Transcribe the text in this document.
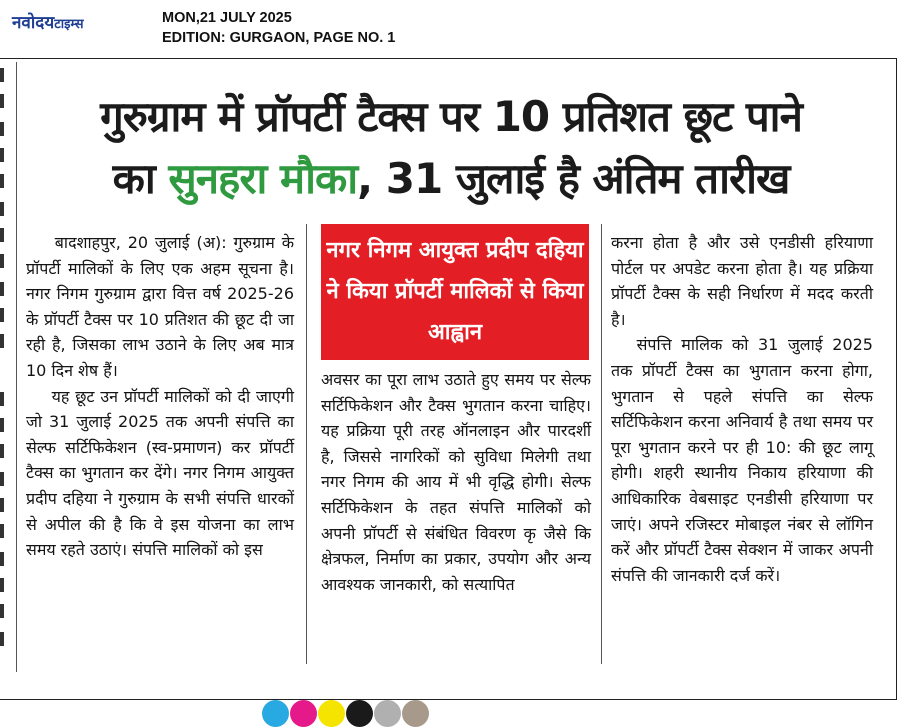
नवोदयटाइम्स	MON,21 JULY 2025
EDITION: GURGAON, PAGE NO. 1
गुरुग्राम में प्रॉपर्टी टैक्स पर 10 प्रतिशत छूट पाने
का सुनहरा मौका, 31 जुलाई है अंतिम तारीख

बादशाहपुर, 20 जुलाई (अ): गुरुग्राम के प्रॉपर्टी मालिकों के लिए एक अहम सूचना है। नगर निगम गुरुग्राम द्वारा वित्त वर्ष 2025-26 के प्रॉपर्टी टैक्स पर 10 प्रतिशत की छूट दी जा रही है, जिसका लाभ उठाने के लिए अब मात्र 10 दिन शेष हैं।

यह छूट उन प्रॉपर्टी मालिकों को दी जाएगी जो 31 जुलाई 2025 तक अपनी संपत्ति का सेल्फ सर्टिफिकेशन (स्व-प्रमाणन) कर प्रॉपर्टी टैक्स का भुगतान कर देंगे। नगर निगम आयुक्त प्रदीप दहिया ने गुरुग्राम के सभी संपत्ति धारकों से अपील की है कि वे इस योजना का लाभ समय रहते उठाएं। संपत्ति मालिकों को इस

नगर निगम आयुक्त प्रदीप दहिया ने किया प्रॉपर्टी मालिकों से किया आह्वान

अवसर का पूरा लाभ उठाते हुए समय पर सेल्फ सर्टिफिकेशन और टैक्स भुगतान करना चाहिए। यह प्रक्रिया पूरी तरह ऑनलाइन और पारदर्शी है, जिससे नागरिकों को सुविधा मिलेगी तथा नगर निगम की आय में भी वृद्धि होगी। सेल्फ सर्टिफिकेशन के तहत संपत्ति मालिकों को अपनी प्रॉपर्टी से संबंधित विवरण कृ जैसे कि क्षेत्रफल, निर्माण का प्रकार, उपयोग और अन्य आवश्यक जानकारी, को सत्यापित

करना होता है और उसे एनडीसी हरियाणा पोर्टल पर अपडेट करना होता है। यह प्रक्रिया प्रॉपर्टी टैक्स के सही निर्धारण में मदद करती है।

संपत्ति मालिक को 31 जुलाई 2025 तक प्रॉपर्टी टैक्स का भुगतान करना होगा, भुगतान से पहले संपत्ति का सेल्फ सर्टिफिकेशन करना अनिवार्य है तथा समय पर पूरा भुगतान करने पर ही 10: की छूट लागू होगी। शहरी स्थानीय निकाय हरियाणा की आधिकारिक वेबसाइट एनडीसी हरियाणा पर जाएं। अपने रजिस्टर मोबाइल नंबर से लॉगिन करें और प्रॉपर्टी टैक्स सेक्शन में जाकर अपनी संपत्ति की जानकारी दर्ज करें।
